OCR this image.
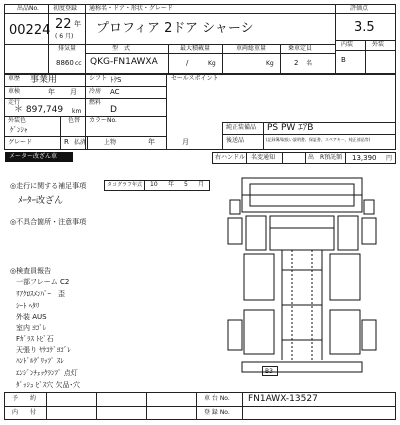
出品No.
00224
初度登録
22 年
( 6 月)
通称名・ドア・形状・グレード
プロフィア 2ドア シャーシ
評価点
3.5
内装	外装
B
排気量
8860 cc
型　式
QKG-FN1AWXA
最大積載量
/	Kg
車両総重量
Kg
乗車定員
2 名
車歴 事業用	シフト ﾄｸS
車検	年 月 冷房 AC
走行
＊ 897,749 km
燃料
D
外装色
ｹﾞﾝｼｬ
色替 カラーNo.
グレード	R 払済	上物	年	月
セールスポイント
純正装備品 PS PW ｴｱB
後送品	(記録簿/取扱い説明書、保証書、スペアキー、純正部品等)
メーター改ざん車	右ハンドル 名変通知	出　R預託額 13,390 円
◎走行に関する補足事項	タコグラフ年式 10 年 5 月
ﾒｰﾀｰ改ざん
◎不具合箇所・注意事項
◎検査員報告
一部フレーム C2
ﾘｱｸﾛｽﾒﾝﾊﾞｰ　歪
ｼｰﾄ ﾍﾀﾘ
外装 AUS
室内 ﾖｺﾞﾚ
Fｶﾞﾗｽ ﾄﾋﾞ石
天張り ﾔｹｺｹﾞﾖｺﾞﾚ
ﾊﾝﾄﾞﾙｸﾞﾘｯﾌﾟ ｽﾚ
ｴﾝｼﾞﾝﾁｪｯｸﾗﾝﾌﾟ 点灯
ﾀﾞｯｼｭ ﾋﾞｽ穴 欠品･穴
B3
予 約
内 付
車 台 No. FN1AWX-13527
登 録 No.
